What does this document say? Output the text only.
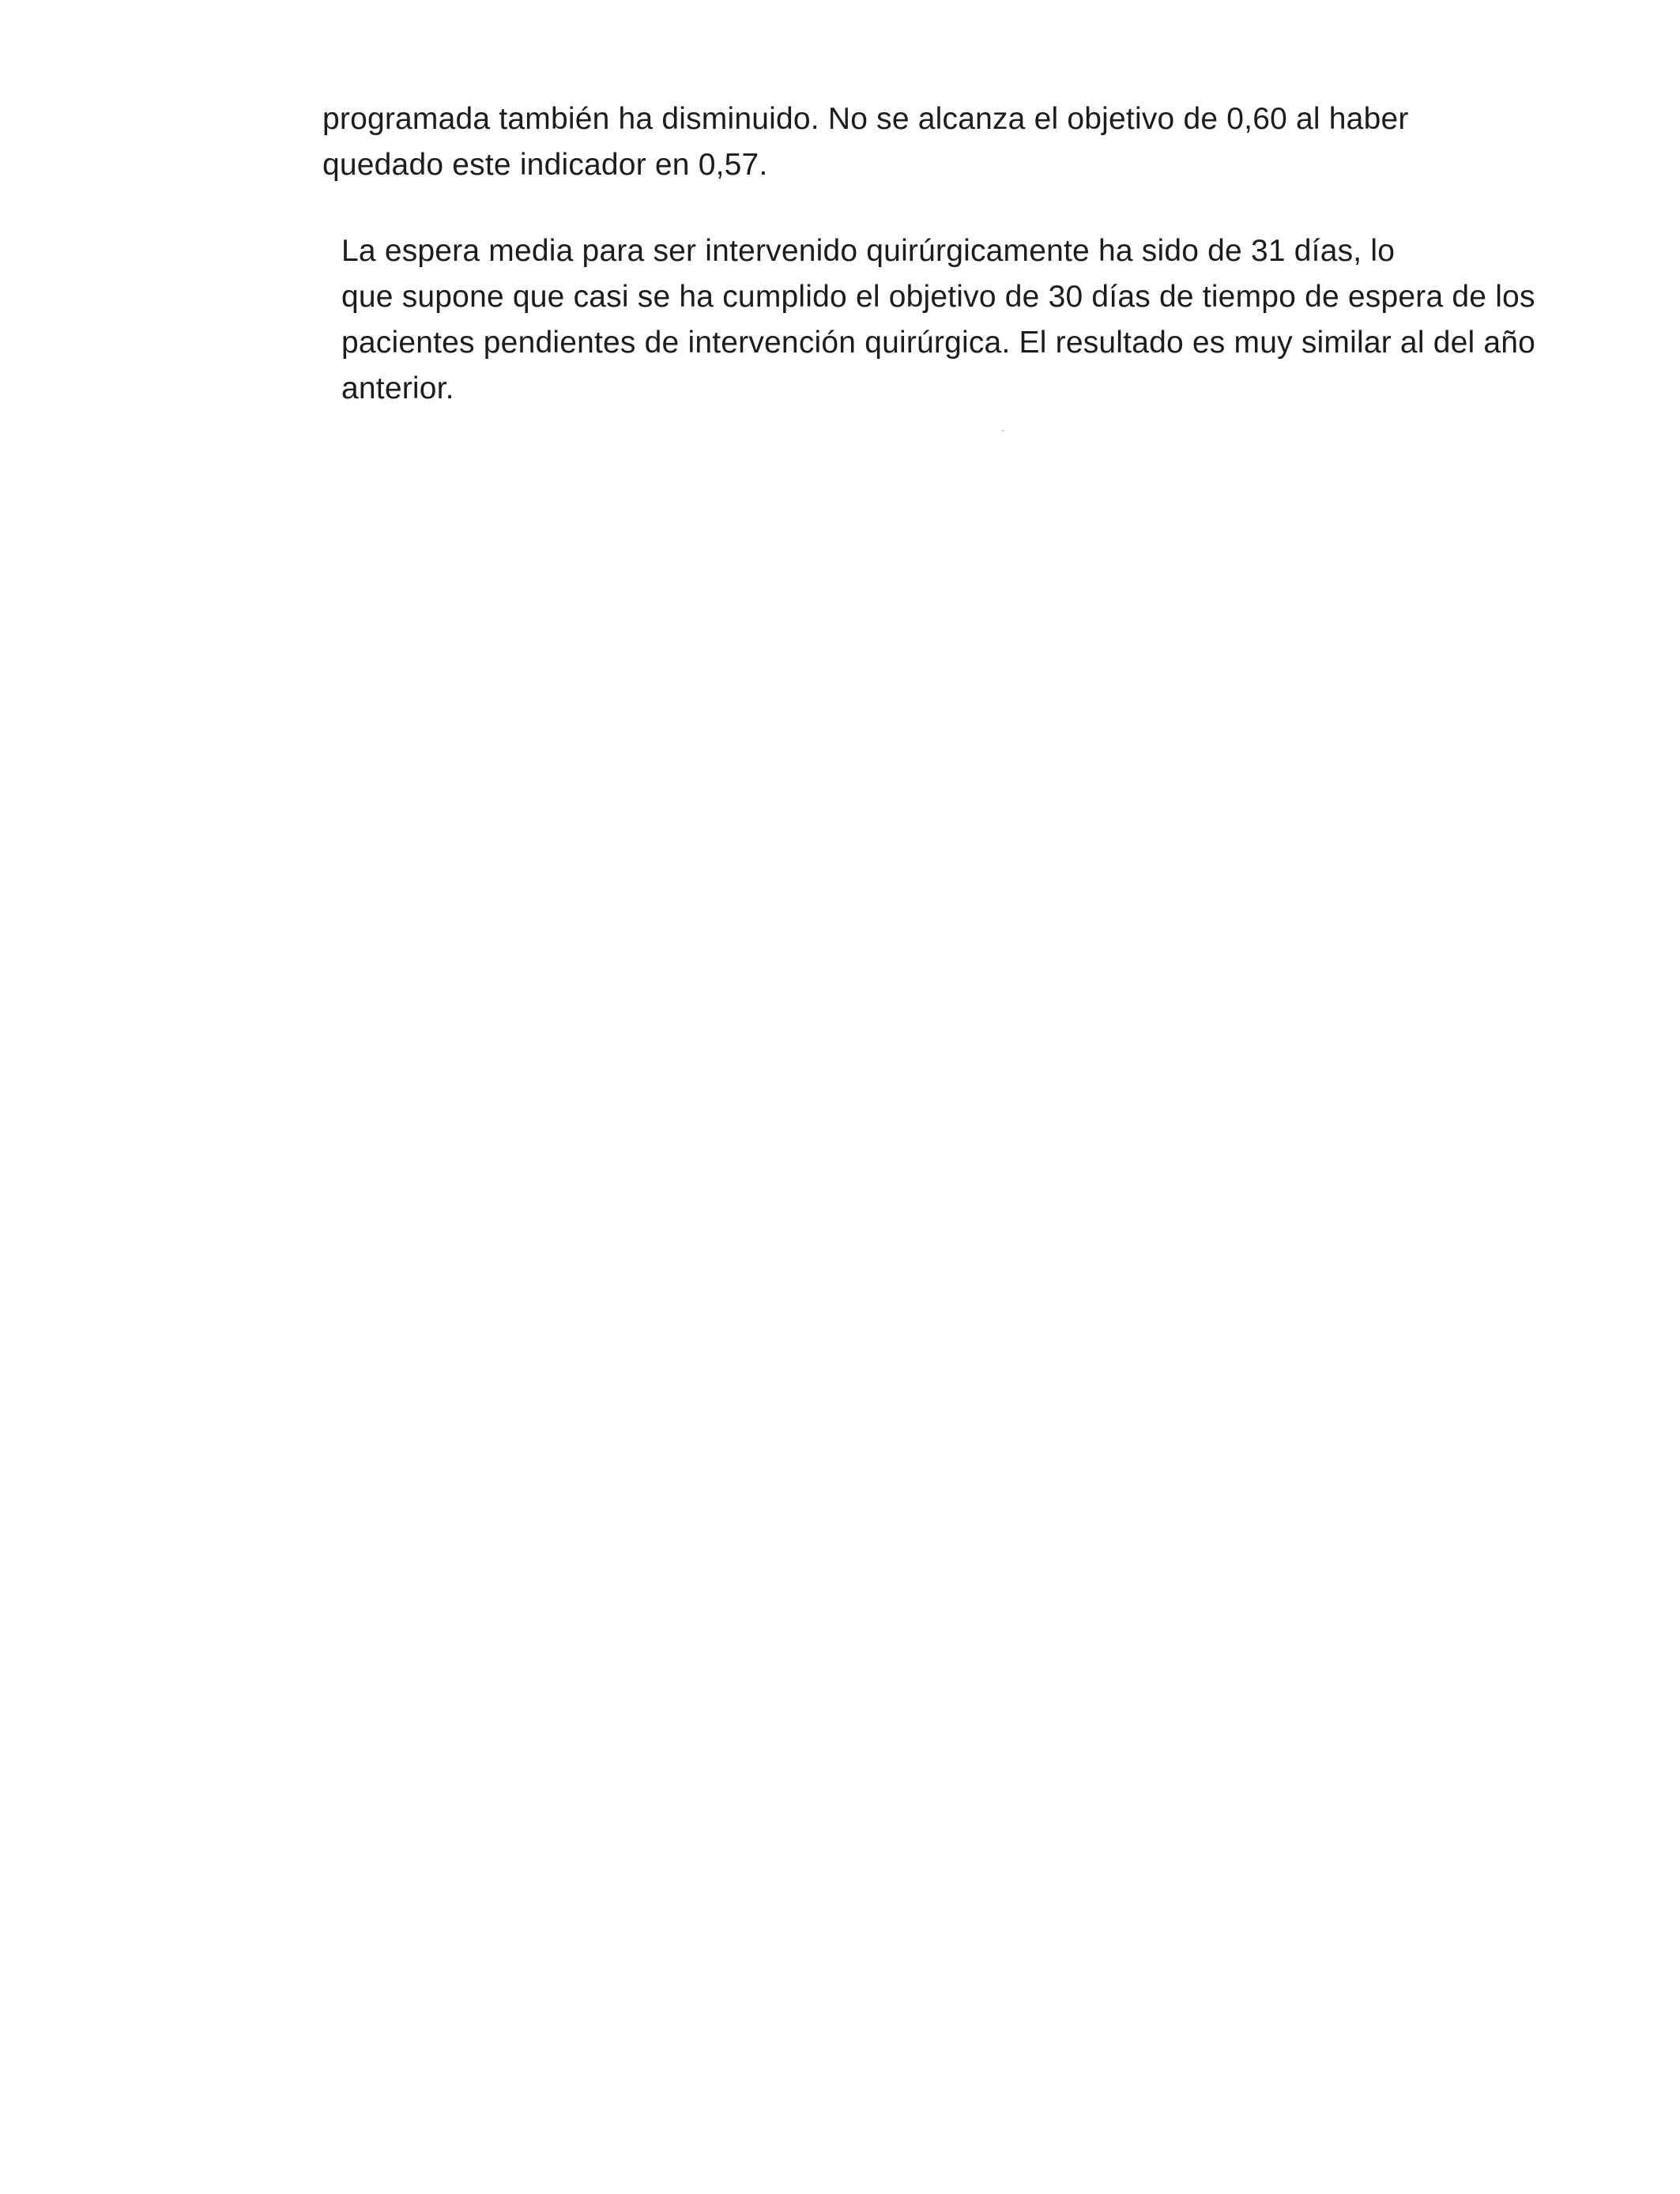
programada también ha disminuido. No se alcanza el objetivo de 0,60 al haber
quedado este indicador en 0,57.

La espera media para ser intervenido quirúrgicamente ha sido de 31 días, lo
que supone que casi se ha cumplido el objetivo de 30 días de tiempo de espera de los
pacientes pendientes de intervención quirúrgica. El resultado es muy similar al del año
anterior.
